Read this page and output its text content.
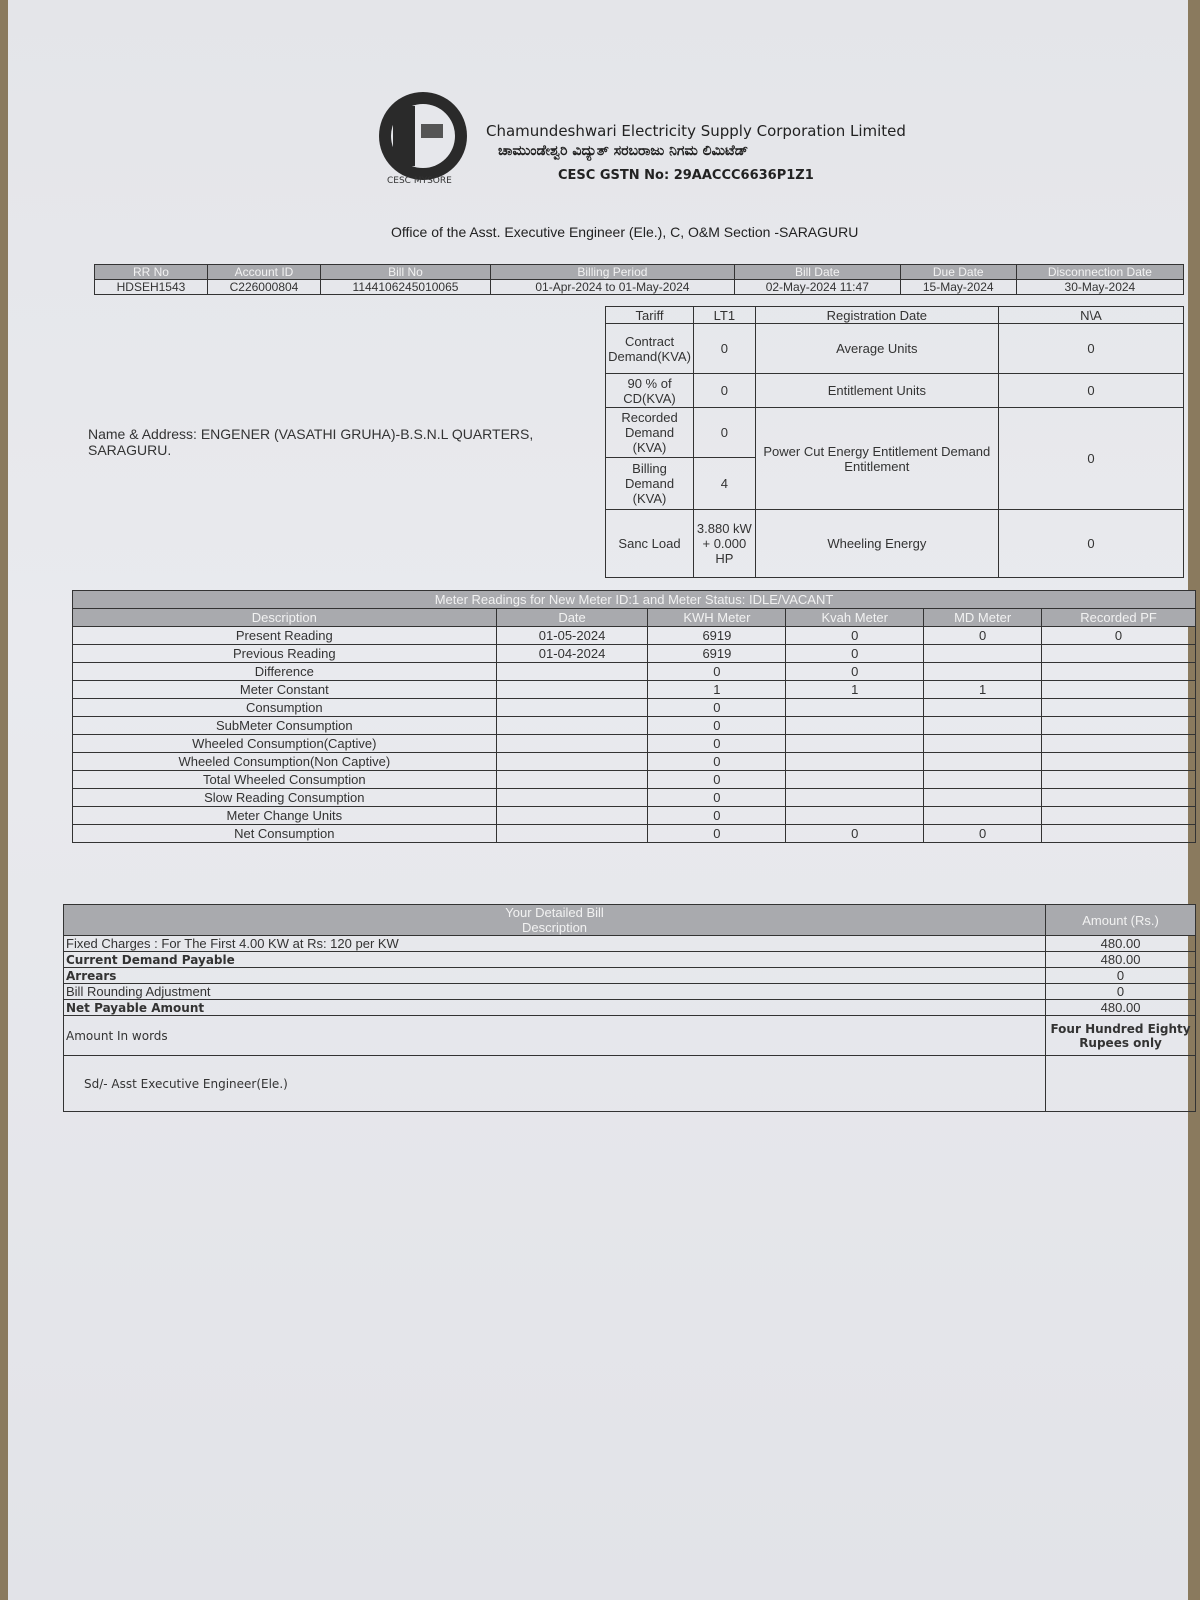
CESC MYSORE
Chamundeshwari Electricity Supply Corporation Limited
ಚಾಮುಂಡೇಶ್ವರಿ ವಿದ್ಯುತ್ ಸರಬರಾಜು ನಿಗಮ ಲಿಮಿಟೆಡ್
CESC GSTN No: 29AACCC6636P1Z1
Office of the Asst. Executive Engineer (Ele.), C, O&M Section -SARAGURU
RR No	Account ID	Bill No	Billing Period	Bill Date	Due Date	Disconnection Date
HDSEH1543	C226000804	1144106245010065	01-Apr-2024 to 01-May-2024	02-May-2024 11:47	15-May-2024	30-May-2024
Name & Address: ENGENER (VASATHI GRUHA)-B.S.N.L QUARTERS, SARAGURU.	Tariff	LT1	Registration Date	N\A
	Contract Demand(KVA)	0	Average Units	0
	90 % of CD(KVA)	0	Entitlement Units	0
	Recorded Demand (KVA)	0	Power Cut Energy Entitlement Demand Entitlement	0
	Billing Demand (KVA)	4		
	Sanc Load	3.880 kW + 0.000 HP	Wheeling Energy	0
Meter Readings for New Meter ID:1 and Meter Status: IDLE/VACANT					
Description	Date	KWH Meter	Kvah Meter	MD Meter	Recorded PF
Present Reading	01-05-2024	6919	0	0	0
Previous Reading	01-04-2024	6919	0		
Difference		0	0		
Meter Constant		1	1	1	
Consumption		0			
SubMeter Consumption		0			
Wheeled Consumption(Captive)		0			
Wheeled Consumption(Non Captive)		0			
Total Wheeled Consumption		0			
Slow Reading Consumption		0			
Meter Change Units		0			
Net Consumption		0	0	0	
Your Detailed Bill
Description	Amount (Rs.)
Fixed Charges : For The First 4.00 KW at Rs: 120 per KW	480.00
Current Demand Payable	480.00
Arrears	0
Bill Rounding Adjustment	0
Net Payable Amount	480.00
Amount In words	Four Hundred Eighty Rupees only
Sd/- Asst Executive Engineer(Ele.)	
